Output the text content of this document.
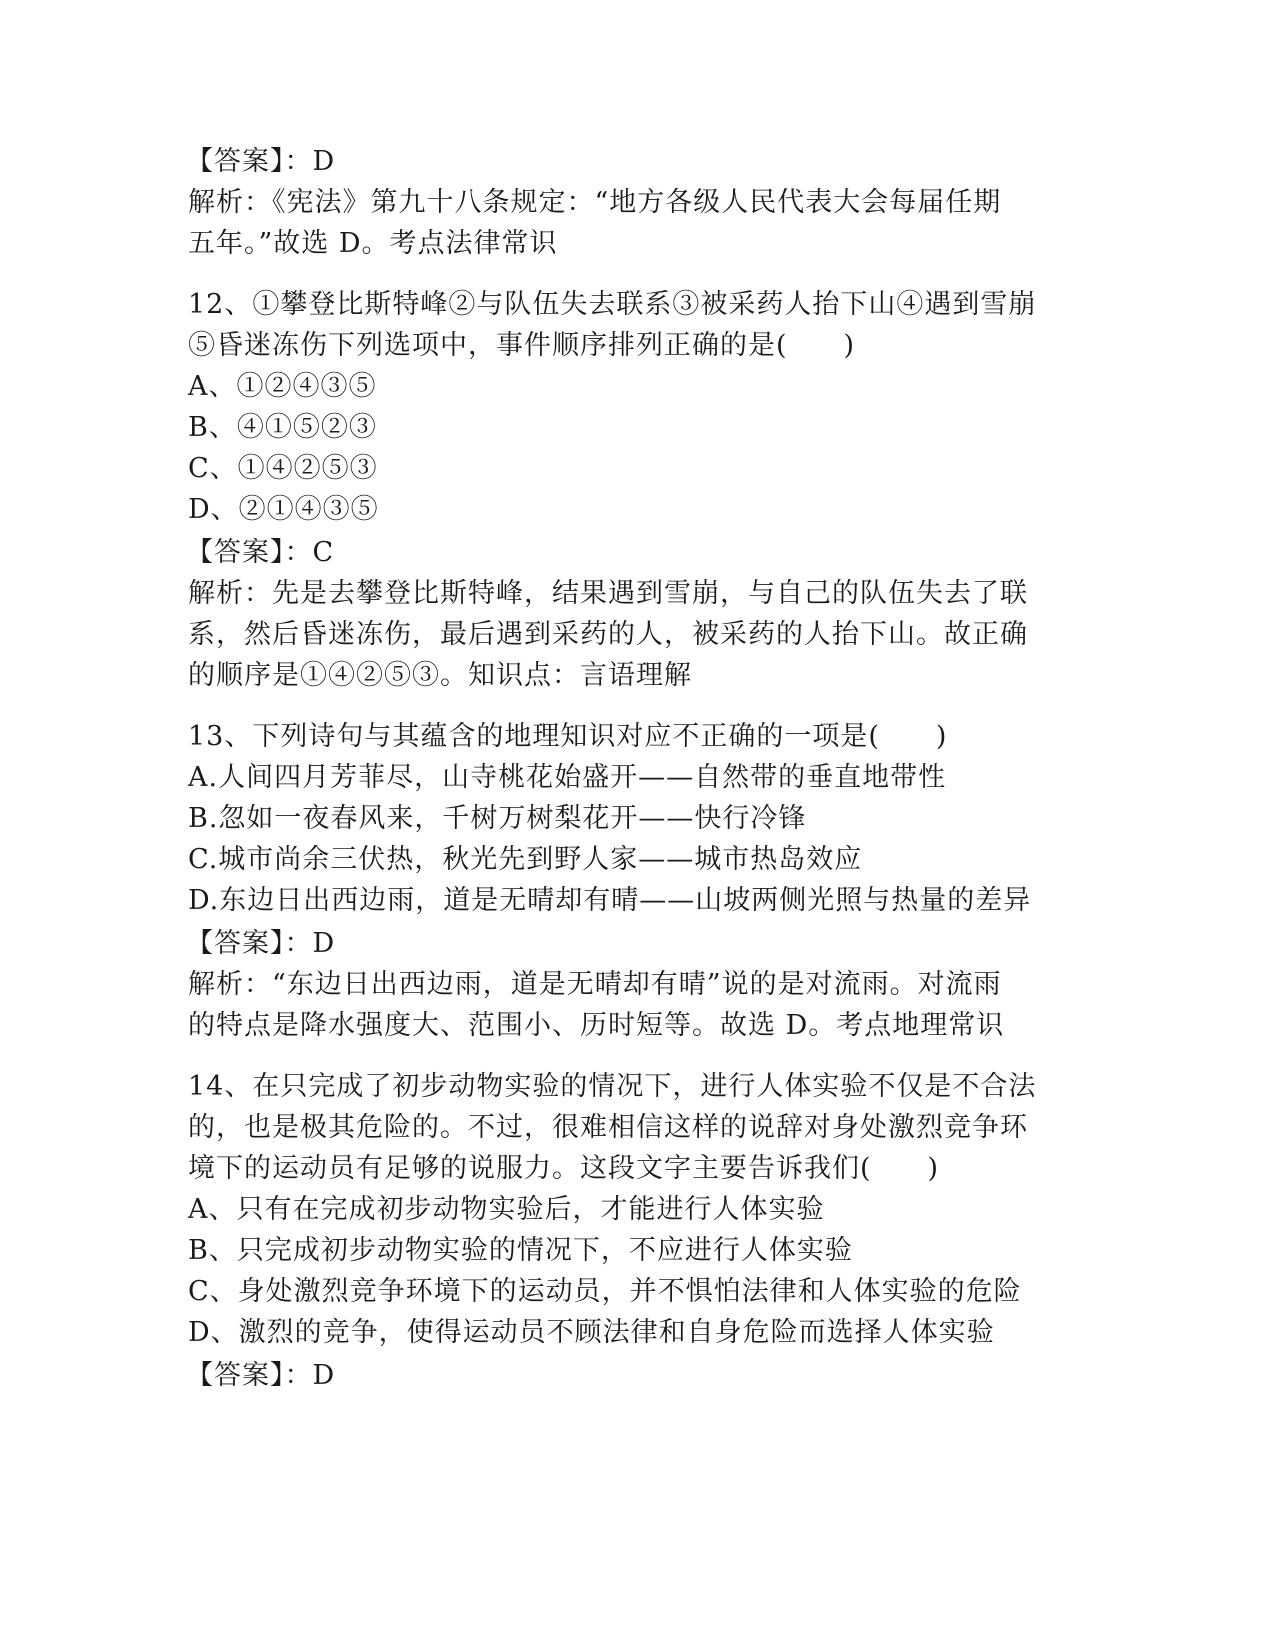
【答案】：D
解析：《宪法》第九十八条规定：“地方各级人民代表大会每届任期
五年。”故选 D。考点法律常识
12、①攀登比斯特峰②与队伍失去联系③被采药人抬下山④遇到雪崩
⑤昏迷冻伤下列选项中，事件顺序排列正确的是(　　)
A、①②④③⑤
B、④①⑤②③
C、①④②⑤③
D、②①④③⑤
【答案】：C
解析：先是去攀登比斯特峰，结果遇到雪崩，与自己的队伍失去了联
系，然后昏迷冻伤，最后遇到采药的人，被采药的人抬下山。故正确
的顺序是①④②⑤③。知识点：言语理解
13、下列诗句与其蕴含的地理知识对应不正确的一项是(　　)
A.人间四月芳菲尽，山寺桃花始盛开——自然带的垂直地带性
B.忽如一夜春风来，千树万树梨花开——快行冷锋
C.城市尚余三伏热，秋光先到野人家——城市热岛效应
D.东边日出西边雨，道是无晴却有晴——山坡两侧光照与热量的差异
【答案】：D
解析：“东边日出西边雨，道是无晴却有晴”说的是对流雨。对流雨
的特点是降水强度大、范围小、历时短等。故选 D。考点地理常识
14、在只完成了初步动物实验的情况下，进行人体实验不仅是不合法
的，也是极其危险的。不过，很难相信这样的说辞对身处激烈竞争环
境下的运动员有足够的说服力。这段文字主要告诉我们(　　)
A、只有在完成初步动物实验后，才能进行人体实验
B、只完成初步动物实验的情况下，不应进行人体实验
C、身处激烈竞争环境下的运动员，并不惧怕法律和人体实验的危险
D、激烈的竞争，使得运动员不顾法律和自身危险而选择人体实验
【答案】：D
